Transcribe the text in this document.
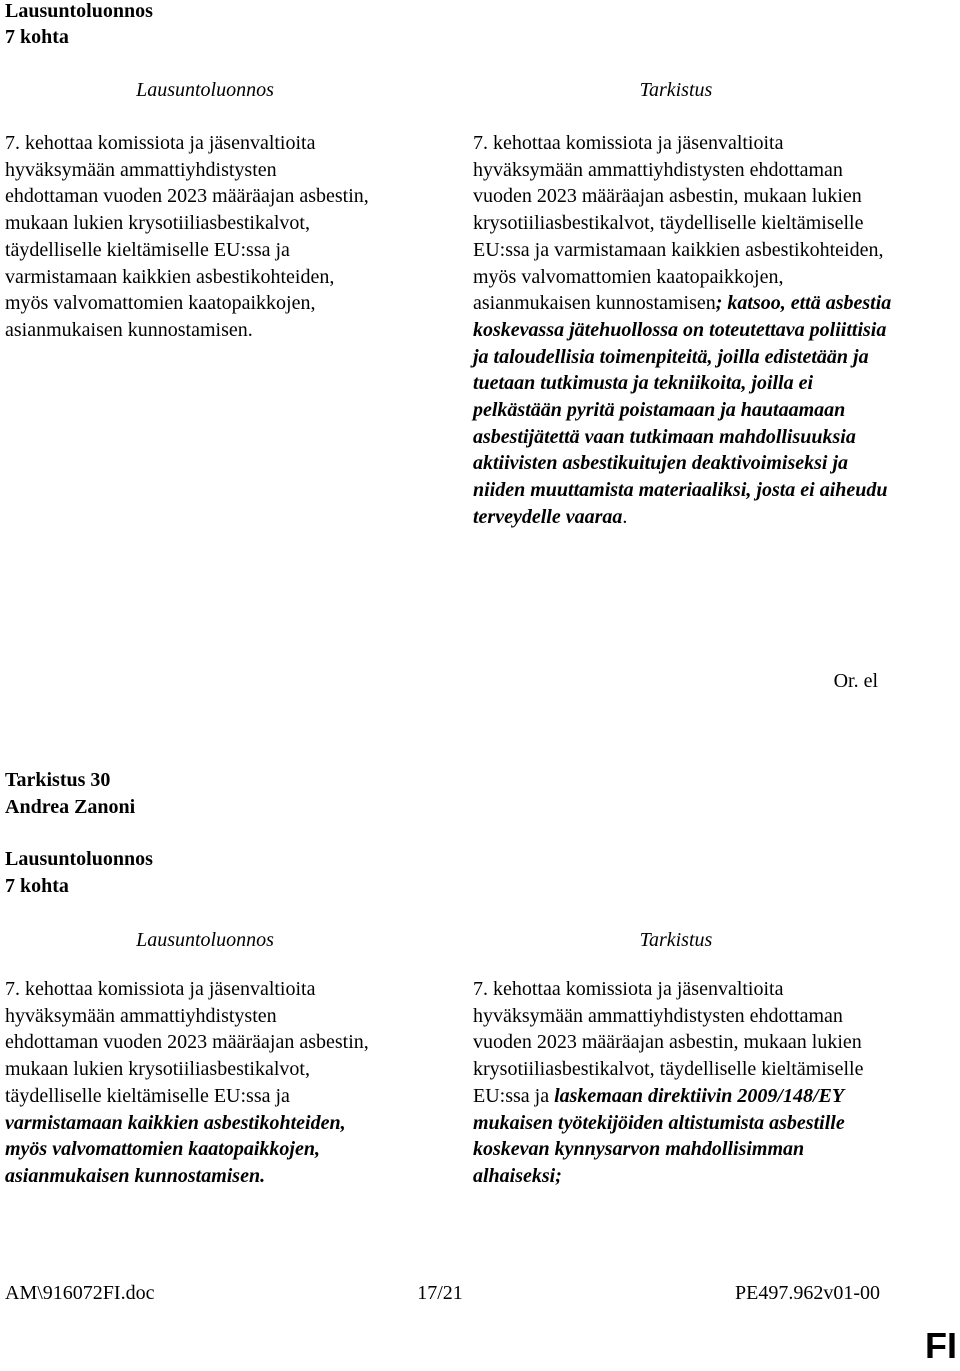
Lausuntoluonnos
7 kohta
Lausuntoluonnos	Tarkistus
7. kehottaa komissiota ja jäsenvaltioita hyväksymään ammattiyhdistysten ehdottaman vuoden 2023 määräajan asbestin, mukaan lukien krysotiiliasbestikalvot, täydelliselle kieltämiselle EU:ssa ja varmistamaan kaikkien asbestikohteiden, myös valvomattomien kaatopaikkojen, asianmukaisen kunnostamisen.
7. kehottaa komissiota ja jäsenvaltioita hyväksymään ammattiyhdistysten ehdottaman vuoden 2023 määräajan asbestin, mukaan lukien krysotiiliasbestikalvot, täydelliselle kieltämiselle EU:ssa ja varmistamaan kaikkien asbestikohteiden, myös valvomattomien kaatopaikkojen, asianmukaisen kunnostamisen; katsoo, että asbestia koskevassa jätehuollossa on toteutettava poliittisia ja taloudellisia toimenpiteitä, joilla edistetään ja tuetaan tutkimusta ja tekniikoita, joilla ei pelkästään pyritä poistamaan ja hautaamaan asbestijätettä vaan tutkimaan mahdollisuuksia aktiivisten asbestikuitujen deaktivoimiseksi ja niiden muuttamista materiaaliksi, josta ei aiheudu terveydelle vaaraa.
Or. el
Tarkistus 30
Andrea Zanoni
Lausuntoluonnos
7 kohta
Lausuntoluonnos	Tarkistus
7. kehottaa komissiota ja jäsenvaltioita hyväksymään ammattiyhdistysten ehdottaman vuoden 2023 määräajan asbestin, mukaan lukien krysotiiliasbestikalvot, täydelliselle kieltämiselle EU:ssa ja varmistamaan kaikkien asbestikohteiden, myös valvomattomien kaatopaikkojen, asianmukaisen kunnostamisen.
7. kehottaa komissiota ja jäsenvaltioita hyväksymään ammattiyhdistysten ehdottaman vuoden 2023 määräajan asbestin, mukaan lukien krysotiiliasbestikalvot, täydelliselle kieltämiselle EU:ssa ja laskemaan direktiivin 2009/148/EY mukaisen työtekijöiden altistumista asbestille koskevan kynnysarvon mahdollisimman alhaiseksi;
AM\916072FI.doc	17/21	PE497.962v01-00
FI
